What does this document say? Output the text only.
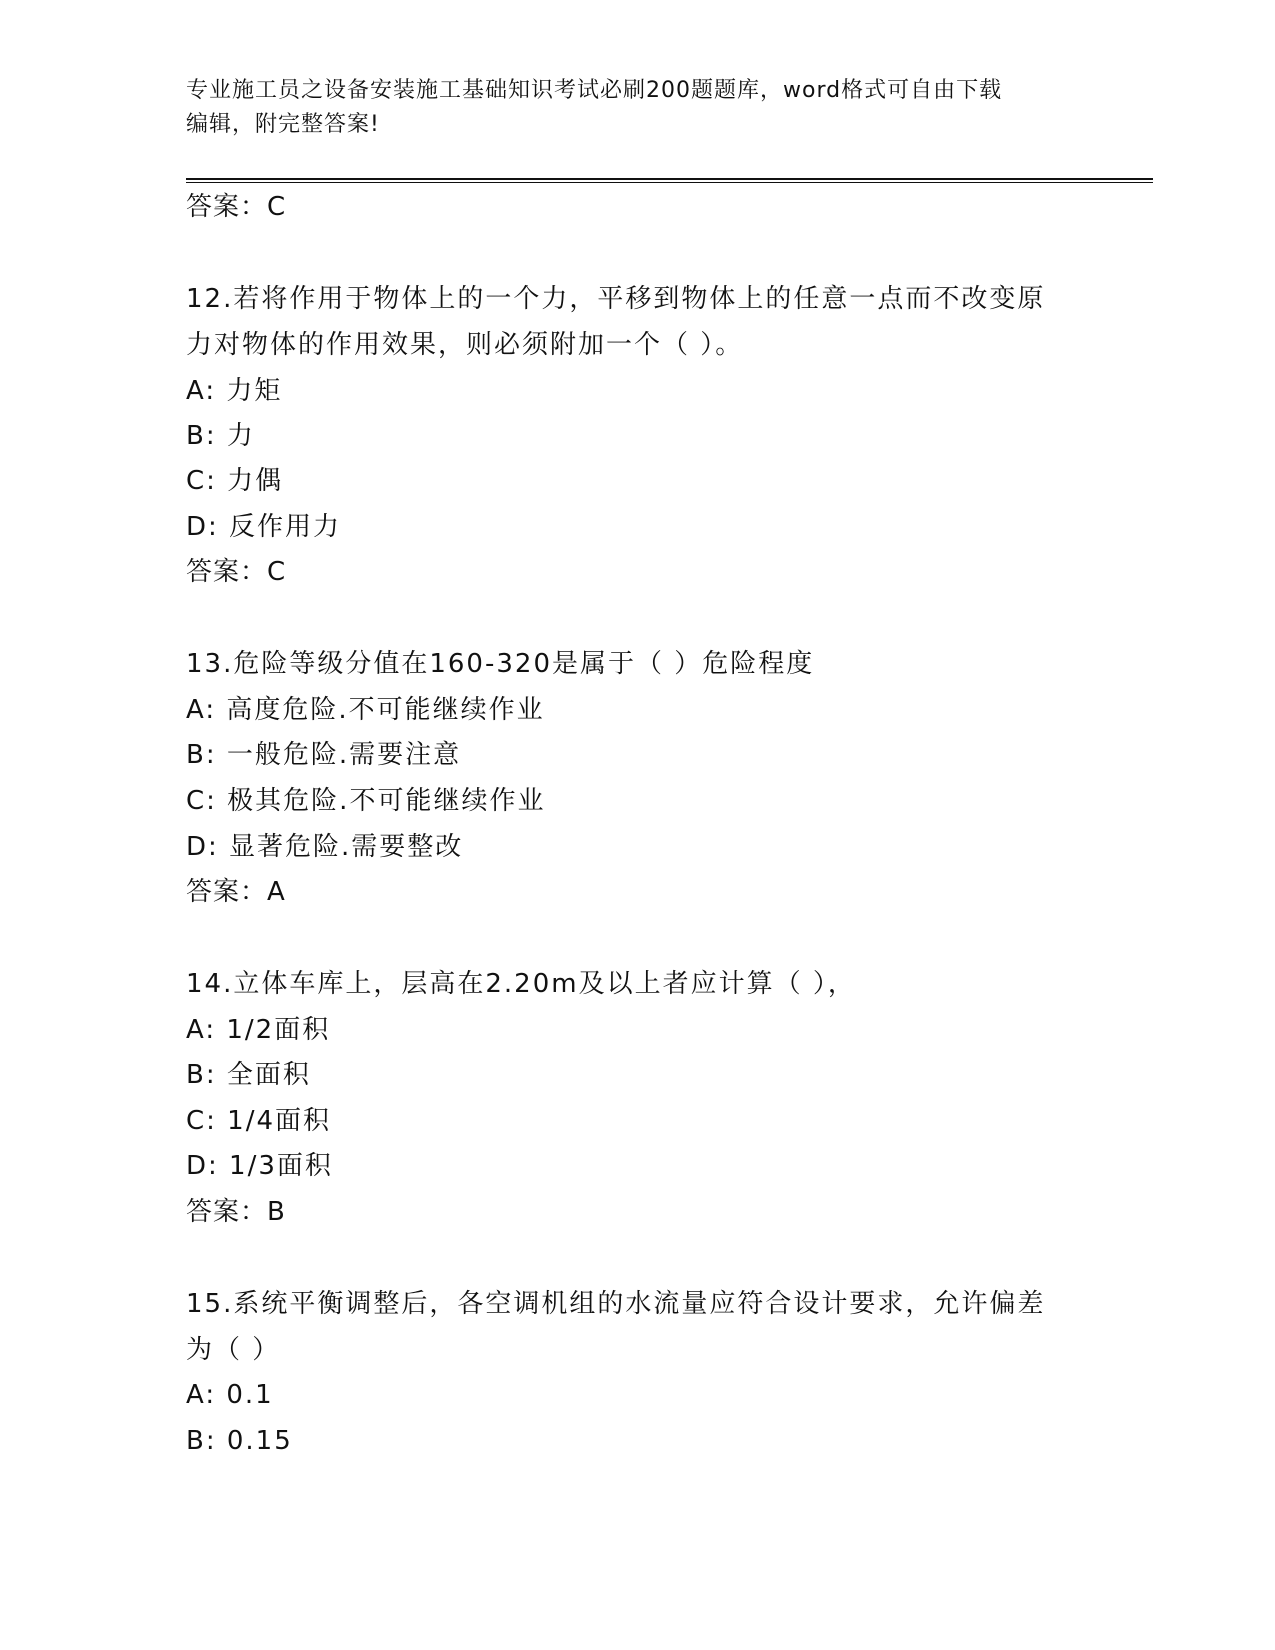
专业施工员之设备安装施工基础知识考试必刷200题题库，word格式可自由下载
编辑，附完整答案!
答案：C
12.若将作用于物体上的一个力，平移到物体上的任意一点而不改变原
力对物体的作用效果，则必须附加一个（ ）。
A: 力矩
B: 力
C: 力偶
D: 反作用力
答案：C
13.危险等级分值在160-320是属于（ ）危险程度
A: 高度危险.不可能继续作业
B: 一般危险.需要注意
C: 极其危险.不可能继续作业
D: 显著危险.需要整改
答案：A
14.立体车库上，层高在2.20m及以上者应计算（ ），
A: 1/2面积
B: 全面积
C: 1/4面积
D: 1/3面积
答案：B
15.系统平衡调整后，各空调机组的水流量应符合设计要求，允许偏差
为（ ）
A: 0.1
B: 0.15
